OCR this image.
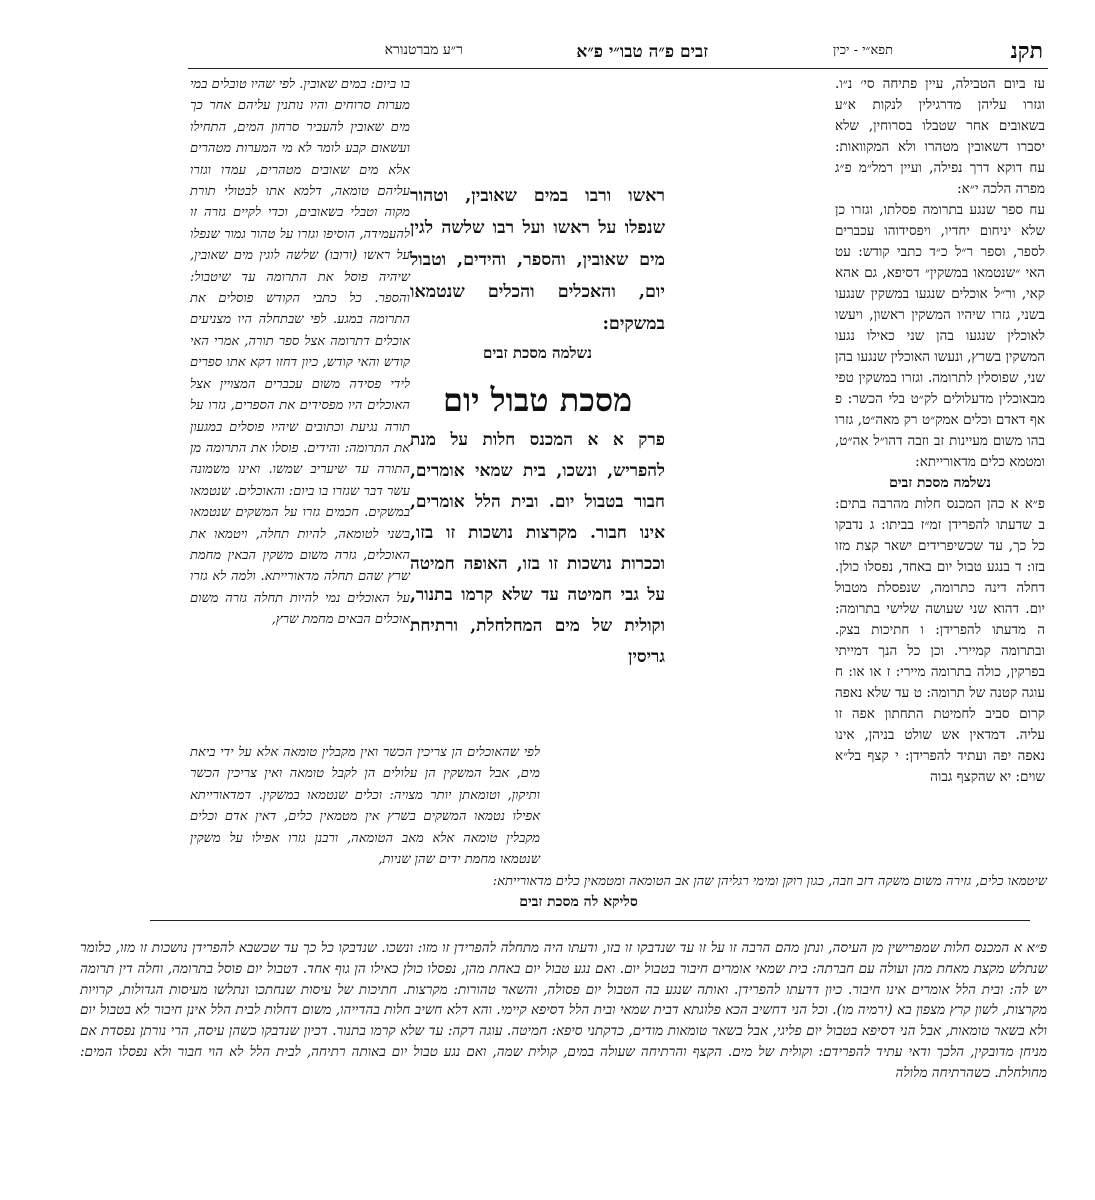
תקנ
תפא״י - יכין
זבים פ״ה טבו״י פ״א
ר״ע מברטנורא

עז ביום הטבילה, עיין פתיחה סי׳ נ״ו. וגזרו עליהן מדרגילין לנקות א״ע בשאובים אחר שטבלו בסרוחין, שלא יסברו דשאובין מטהרו ולא המקוואות: עח דוקא דרך נפילה, ועיין רמל״מ פ״ג מפרה הלכה י״א:

עח ספר שנגע בתרומה פסלתו, וגזרו כן שלא יניחום יחדיו, ויפסידוהו עכברים לספר, וספר ר״ל כ״ד כתבי קודש: עט האי ״שנטמאו במשקין״ דסיפא, גם אהא קאי, ור״ל אוכלים שנגעו במשקין שנגעו בשני, גזרו שיהיו המשקין ראשון, ויעשו לאוכלין שנגעו בהן שני כאילו נגעו המשקין בשרץ, ונעשו האוכלין שנגעו בהן שני, שפוסלין לתרומה. וגזרו במשקין טפי מבאוכלין מדעלולים לק״ט בלי הכשר: פ אף דאדם וכלים אמק״ט רק מאה״ט, גזרו בהו משום מעיינות זב וזבה דהו״ל אה״ט, ומטמא כלים מדאורייתא:

נשלמה מסכת זבים

פ״א א כהן המכנס חלות מהרבה בתים: ב שדעתו להפרידן זמ״ז בביתו: ג נדבקו כל כך, עד שכשיפרידים ישאר קצת מזו בזו: ד בנגע טבול יום באחד, נפסלו כולן. דחלה דינה כתרומה, שנפסלת מטבול יום. דהוא שני שעושה שלישי בתרומה: ה מדעתו להפרידן: ו חתיכות בצק. ובתרומה קמיירי. וכן כל הנך דמייתי בפרקין, כולה בתרומה מיירי: ז או או: ח עוגה קטנה של תרומה: ט עד שלא נאפה קרום סביב לחמיטת התחתון אפה זו עליה. דמדאין אש שולט בניהן, אינו נאפה יפה ועתיד להפרידן: י קצף בל״א שוים: יא שהקצף גבוה

בו ביום: במים שאובין. לפי שהיו טובלים במי מערות סרוחים והיו נותנין עליהם אחר כך מים שאובין להעביר סרחון המים, התחילו ועשאום קבע לומר לא מי המערות מטהרים אלא מים שאובים מטהרים, עמדו וגזרו עליהם טומאה, דלמא אתו לבטולי תורת מקוה וטבלי בשאובים, וכדי לקיים גזרה זו להעמידה, הוסיפו וגזרו על טהור גמור שנפלו על ראשו (ורובו) שלשה לוגין מים שאובין, שיהיה פוסל את התרומה עד שיטבול: והספר. כל כתבי הקודש פוסלים את התרומה במגע. לפי שבתחלה היו מצניעים אוכלים דתרומה אצל ספר תורה, אמרי האי קודש והאי קודש, כיון דחזו דקא אתו ספרים לידי פסידה משום עכברים המצויין אצל האוכלים היו מפסידים את הספרים, גזרו על תורה נגיעת וכתובים שיהיו פוסלים במגעון את התרומה: והידים. פוסלו את התרומה מן התורה עד שיעריב שמשו. ואינו משמונה עשר דבר שגזרו בו ביום: והאוכלים. שנטמאו במשקים. חכמים גזרו על המשקים שנטמאו בשני לטומאה, להיות תחלה, ויטמאו את האוכלים, גזרה משום משקין הבאין מחמת שרץ שהם תחלה מדאורייתא. ולמה לא גזרו על האוכלים נמי להיות תחלה גזרה משום אוכלים הבאים מחמת שרץ,

ראשו ורבו במים שאובין, וטהור שנפלו על ראשו ועל רבו שלשה לגין מים שאובין, והספר, והידים, וטבול יום, והאכלים והכלים שנטמאו במשקים:

נשלמה מסכת זבים

מסכת טבול יום

פרק א א המכנס חלות על מנת להפריש, ונשכו, בית שמאי אומרים, חבור בטבול יום. ובית הלל אומרים, אינו חבור. מקרצות נושכות זו בזו, וככרות נושכות זו בזו, האופה חמיטה על גבי חמיטה עד שלא קרמו בתנור, וקולית של מים המחלחלת, ורתיחת גריסין

לפי שהאוכלים הן צריכין הכשר ואין מקבלין טומאה אלא על ידי ביאת מים, אבל המשקין הן עלולים הן לקבל טומאה ואין צריכין הכשר ותיקון, וטומאתן יותר מצויה: וכלים שנטמאו במשקין. דמדאורייתא אפילו נטמאו המשקים בשרץ אין מטמאין כלים, דאין אדם וכלים מקבלין טומאה אלא מאב הטומאה, ורבנן גזרו אפילו על משקין שנטמאו מחמת ידים שהן שניות,
שיטמאו כלים, גזירה משום משקה דזב וזבה, כגון רוקן ומימי רגליהן שהן אב הטומאה ומטמאין כלים מדאורייתא:
סליקא לה מסכת זבים
פ״א א המכנס חלות שמפרישין מן העיסה, ונתן מהם הרבה זו על זו עד שנדבקו זו בזו, ודעתו היה מתחלה להפרידן זו מזו: ונשכו. שנדבקו כל כך עד שכשבא להפרידן נושכות זו מזו, כלומר שנתלש מקצת מאחת מהן ועולה עם חברתה: בית שמאי אומרים חיבור בטבול יום. ואם נגע טבול יום באחת מהן, נפסלו כולן כאילו הן גוף אחד. דטבול יום פוסל בתרומה, וחלה דין תרומה יש לה: ובית הלל אומרים אינו חיבור. כיון דדעתו להפרידן. ואותה שנגע בה הטבול יום פסולה, והשאר טהורות: מקרצות. חתיכות של עיסות שנחתכו ונתלשו מעיסות הגדולות, קרויות מקרצות, לשון קרץ מצפון בא (ירמיה מו). וכל הני דחשיב הכא פלוגתא דבית שמאי ובית הלל דסיפא קיימי. והא דלא חשיב חלות בהדייהו, משום דחלות לבית הלל אינן חיבור לא בטבול יום ולא בשאר טומאות, אבל הני דסיפא בטבול יום פליגי, אבל בשאר טומאות מודים, כדקתני סיפא: חמיטה. עוגה דקה: עד שלא קרמו בתנור. דכיון שנדבקו כשהן עיסה, הרי נורתן נפסדת אם מניחן מדובקין, הלכך ודאי עתיד להפרידם: וקולית של מים. הקצף והרתיחה שעולה במים, קולית שמה, ואם נגע טבול יום באותה רתיחה, לבית הלל לא הוי חבור ולא נפסלו המים: מחולחלת. כשהרתיחה מלולה
